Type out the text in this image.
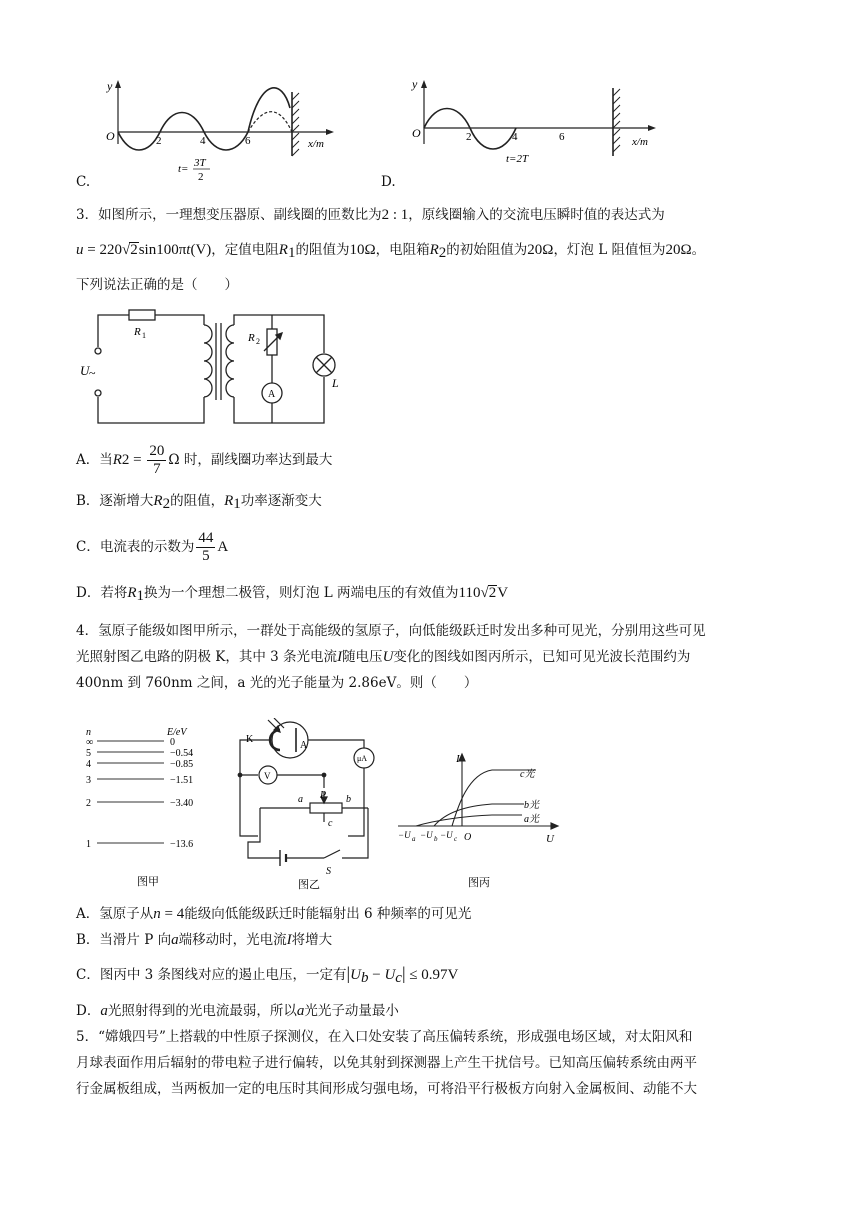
y
O	2	4	6	x/m
t= 3T
2
C.
y
O	2	4	6	x/m
t=2T
D.
3．如图所示，一理想变压器原、副线圈的匝数比为2 : 1，原线圈输入的交流电压瞬时值的表达式为
u = 220√2sin100πt(V)，定值电阻$R_1$的阻值为10Ω，电阻箱$R_2$的初始阻值为20Ω，灯泡 L 阻值恒为20Ω。
下列说法正确的是（　　）
U ~
R 1	R 2
A
L
A．当 R $2 = \frac{20}{7}$ Ω 时，副线圈功率达到最大
B．逐渐增大$R_2$的阻值，$R_1$功率逐渐变大
C．电流表的示数为 $\frac{44}{5}$ A
D．若将$R_1$换为一个理想二极管，则灯泡 L 两端电压的有效值为110√2V
4．氢原子能级如图甲所示，一群处于高能级的氢原子，向低能级跃迁时发出多种可见光，分别用这些可见
光照射图乙电路的阴极 K，其中 3 条光电流I随电压U变化的图线如图丙所示，已知可见光波长范围约为
400nm 到 760nm 之间，a 光的光子能量为 2.86eV。则（　　）
n	E/eV
∞	0
5	−0.54
4	−0.85
3	−1.51
2	−3.40
1	−13.6
图甲
K
A
μA
V
P
a	b
c
S
图乙
I
U
O
c光
b光
a光
−U a −U b −U c
图丙
A．氢原子从n = 4能级向低能级跃迁时能辐射出 6 种频率的可见光
B．当滑片 P 向a端移动时，光电流I将增大
C．图丙中 3 条图线对应的遏止电压，一定有$|U_b - U_c| \le 0.97V$
D．a光照射得到的光电流最弱，所以a光光子动量最小
5．“嫦娥四号”上搭载的中性原子探测仪，在入口处安装了高压偏转系统，形成强电场区域，对太阳风和
月球表面作用后辐射的带电粒子进行偏转，以免其射到探测器上产生干扰信号。已知高压偏转系统由两平
行金属板组成，当两板加一定的电压时其间形成匀强电场，可将沿平行极板方向射入金属板间、动能不大
